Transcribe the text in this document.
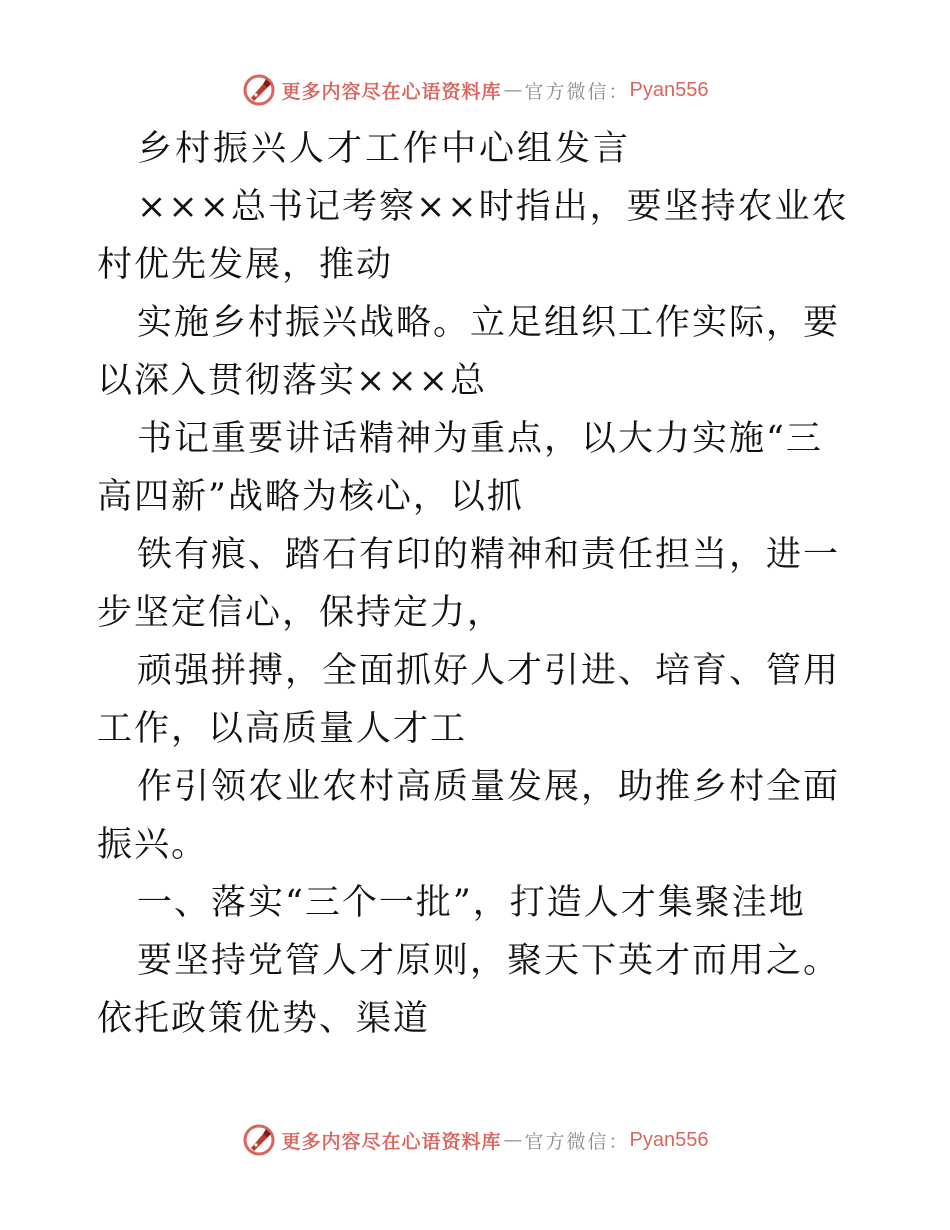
更多内容尽在心语资料库 — 官方微信： Pyan556

乡村振兴人才工作中心组发言

×××总书记考察××时指出，要坚持农业农村优先发展，推动

实施乡村振兴战略。立足组织工作实际，要以深入贯彻落实×××总

书记重要讲话精神为重点，以大力实施“三高四新”战略为核心，以抓

铁有痕、踏石有印的精神和责任担当，进一步坚定信心，保持定力，

顽强拼搏，全面抓好人才引进、培育、管用工作，以高质量人才工

作引领农业农村高质量发展，助推乡村全面振兴。

一、落实“三个一批”，打造人才集聚洼地

要坚持党管人才原则，聚天下英才而用之。依托政策优势、渠道

更多内容尽在心语资料库 — 官方微信： Pyan556
